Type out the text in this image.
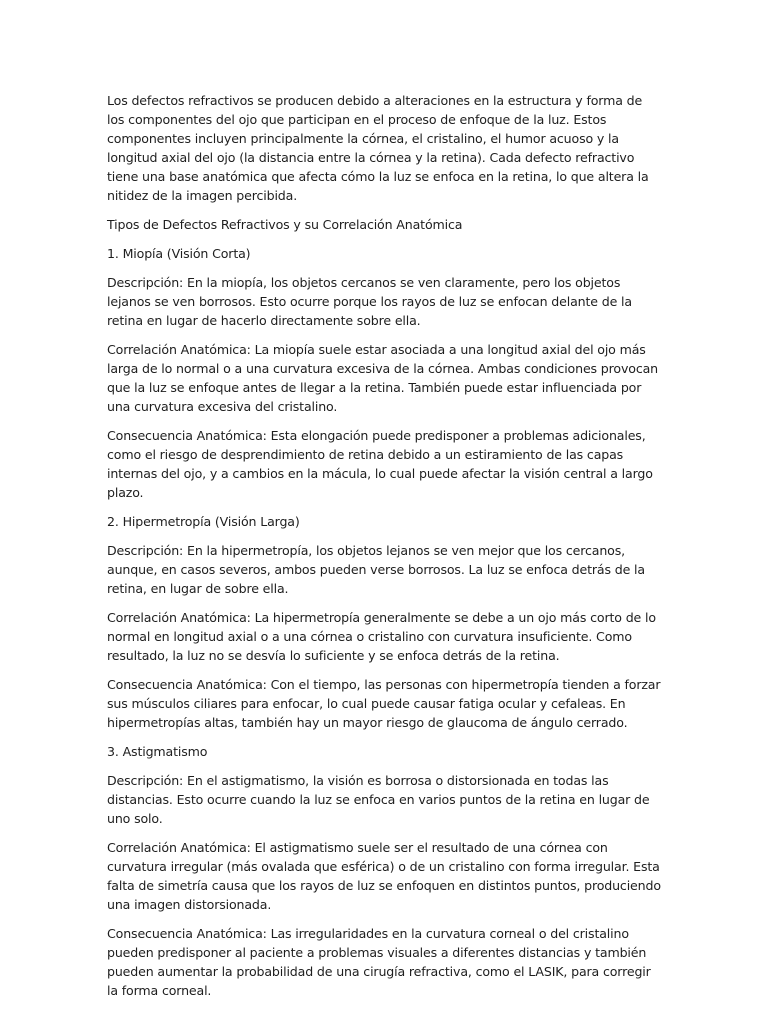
Los defectos refractivos se producen debido a alteraciones en la estructura y forma de los componentes del ojo que participan en el proceso de enfoque de la luz. Estos componentes incluyen principalmente la córnea, el cristalino, el humor acuoso y la longitud axial del ojo (la distancia entre la córnea y la retina). Cada defecto refractivo tiene una base anatómica que afecta cómo la luz se enfoca en la retina, lo que altera la nitidez de la imagen percibida.

Tipos de Defectos Refractivos y su Correlación Anatómica

1. Miopía (Visión Corta)

Descripción: En la miopía, los objetos cercanos se ven claramente, pero los objetos lejanos se ven borrosos. Esto ocurre porque los rayos de luz se enfocan delante de la retina en lugar de hacerlo directamente sobre ella.

Correlación Anatómica: La miopía suele estar asociada a una longitud axial del ojo más larga de lo normal o a una curvatura excesiva de la córnea. Ambas condiciones provocan que la luz se enfoque antes de llegar a la retina. También puede estar influenciada por una curvatura excesiva del cristalino.

Consecuencia Anatómica: Esta elongación puede predisponer a problemas adicionales, como el riesgo de desprendimiento de retina debido a un estiramiento de las capas internas del ojo, y a cambios en la mácula, lo cual puede afectar la visión central a largo plazo.

2. Hipermetropía (Visión Larga)

Descripción: En la hipermetropía, los objetos lejanos se ven mejor que los cercanos, aunque, en casos severos, ambos pueden verse borrosos. La luz se enfoca detrás de la retina, en lugar de sobre ella.

Correlación Anatómica: La hipermetropía generalmente se debe a un ojo más corto de lo normal en longitud axial o a una córnea o cristalino con curvatura insuficiente. Como resultado, la luz no se desvía lo suficiente y se enfoca detrás de la retina.

Consecuencia Anatómica: Con el tiempo, las personas con hipermetropía tienden a forzar sus músculos ciliares para enfocar, lo cual puede causar fatiga ocular y cefaleas. En hipermetropías altas, también hay un mayor riesgo de glaucoma de ángulo cerrado.

3. Astigmatismo

Descripción: En el astigmatismo, la visión es borrosa o distorsionada en todas las distancias. Esto ocurre cuando la luz se enfoca en varios puntos de la retina en lugar de uno solo.

Correlación Anatómica: El astigmatismo suele ser el resultado de una córnea con curvatura irregular (más ovalada que esférica) o de un cristalino con forma irregular. Esta falta de simetría causa que los rayos de luz se enfoquen en distintos puntos, produciendo una imagen distorsionada.

Consecuencia Anatómica: Las irregularidades en la curvatura corneal o del cristalino pueden predisponer al paciente a problemas visuales a diferentes distancias y también pueden aumentar la probabilidad de una cirugía refractiva, como el LASIK, para corregir la forma corneal.
